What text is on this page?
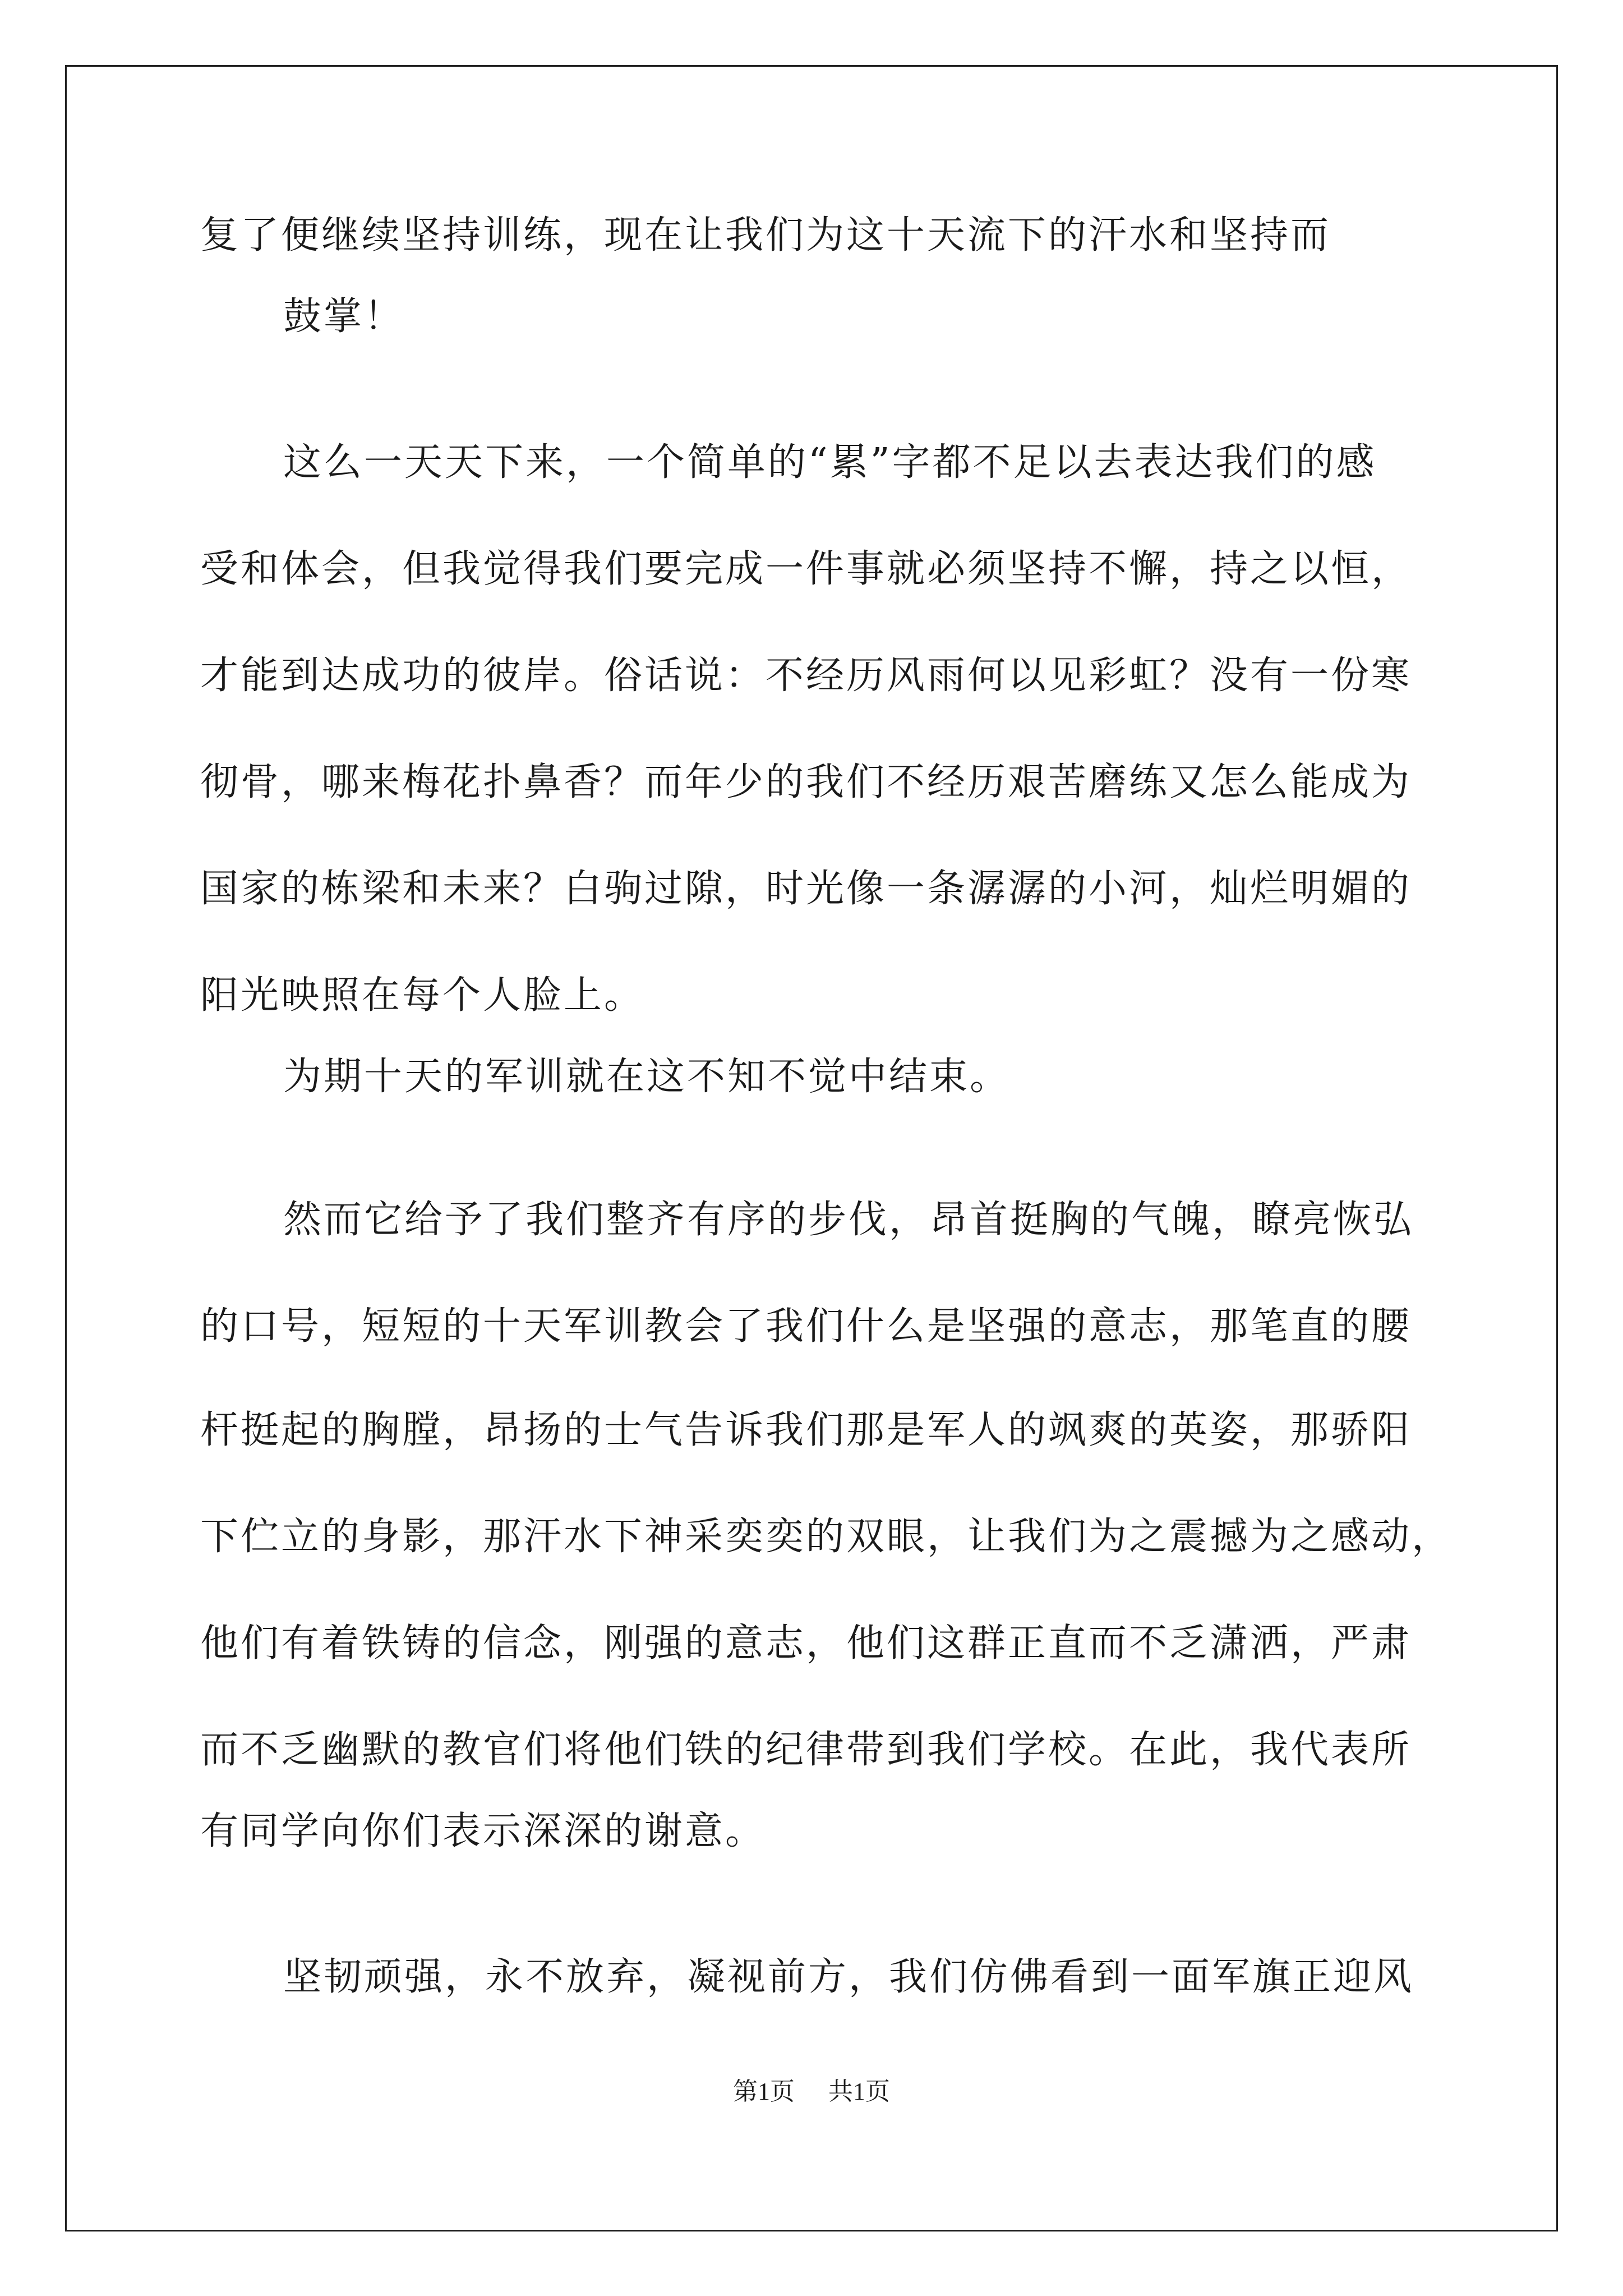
复了便继续坚持训练，现在让我们为这十天流下的汗水和坚持而
鼓掌！
这么一天天下来，一个简单的“累”字都不足以去表达我们的感
受和体会，但我觉得我们要完成一件事就必须坚持不懈，持之以恒，
才能到达成功的彼岸。俗话说：不经历风雨何以见彩虹？没有一份寒
彻骨，哪来梅花扑鼻香？而年少的我们不经历艰苦磨练又怎么能成为
国家的栋梁和未来？白驹过隙，时光像一条潺潺的小河，灿烂明媚的
阳光映照在每个人脸上。
为期十天的军训就在这不知不觉中结束。
然而它给予了我们整齐有序的步伐，昂首挺胸的气魄，瞭亮恢弘
的口号，短短的十天军训教会了我们什么是坚强的意志，那笔直的腰
杆挺起的胸膛，昂扬的士气告诉我们那是军人的飒爽的英姿，那骄阳
下伫立的身影，那汗水下神采奕奕的双眼，让我们为之震撼为之感动，
他们有着铁铸的信念，刚强的意志，他们这群正直而不乏潇洒，严肃
而不乏幽默的教官们将他们铁的纪律带到我们学校。在此，我代表所
有同学向你们表示深深的谢意。
坚韧顽强，永不放弃，凝视前方，我们仿佛看到一面军旗正迎风
第1页 共1页
